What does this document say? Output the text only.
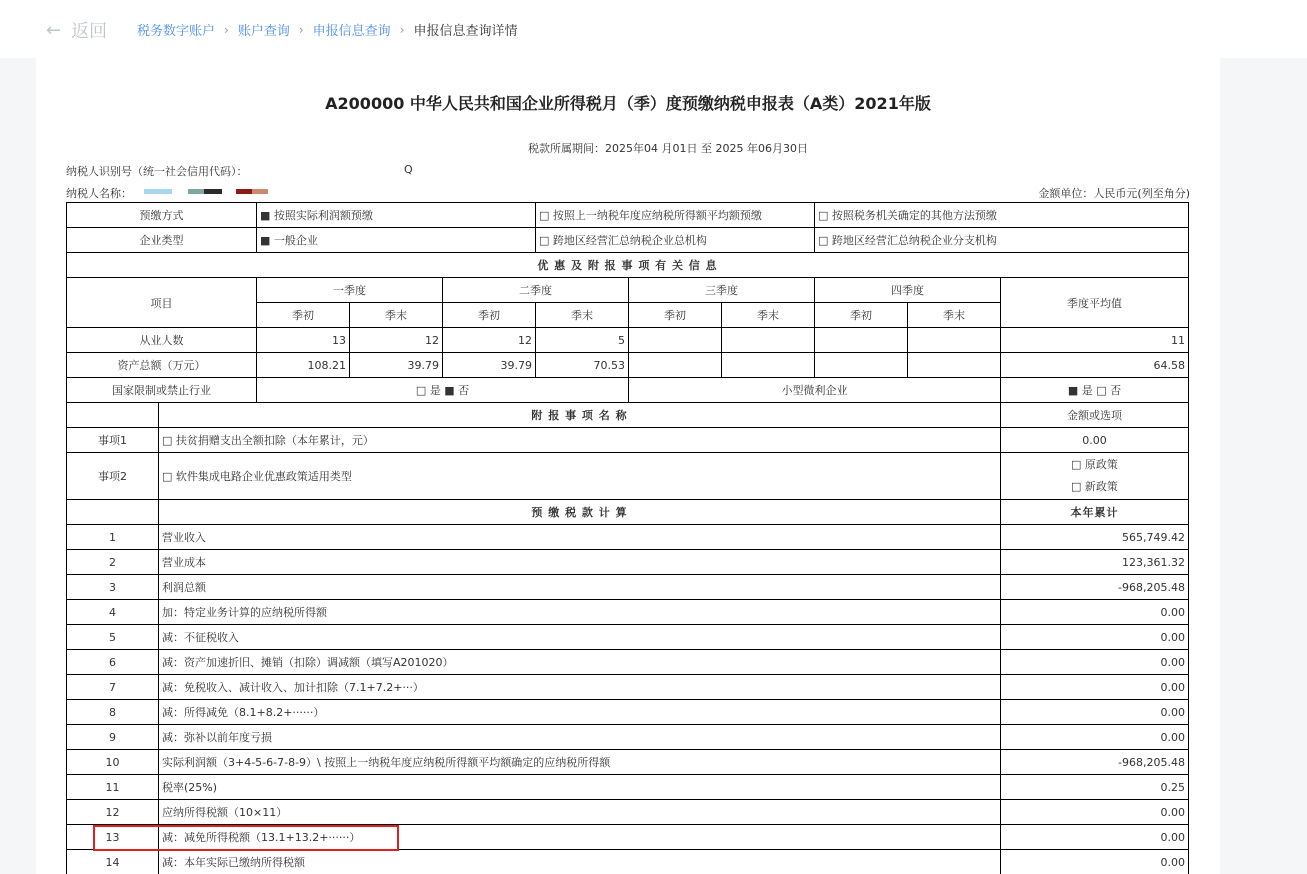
← 返回 税务数字账户 › 账户查询 › 申报信息查询 › 申报信息查询详情
A200000 中华人民共和国企业所得税月（季）度预缴纳税申报表（A类）2021年版
税款所属期间：2025年04 月01日 至 2025 年06月30日
纳税人识别号（统一社会信用代码）：	Q
纳税人名称：	金额单位：人民币元(列至角分)
预缴方式		■ 按照实际利润额预缴			□ 按照上一纳税年度应纳税所得额平均额预缴			□ 按照税务机关确定的其他方法预缴		
企业类型		■ 一般企业			□ 跨地区经营汇总纳税企业总机构			□ 跨地区经营汇总纳税企业分支机构		
优 惠 及 附 报 事 项 有 关 信 息										
项目		一季度		二季度		三季度		四季度		季度平均值
		季初	季末	季初	季末	季初	季末	季初	季末	
从业人数		13	12	12	5					11
资产总额（万元）		108.21	39.79	39.79	70.53					64.58
国家限制或禁止行业		□ 是 ■ 否				小型微利企业				■ 是 □ 否
	附 报 事 项 名 称									金额或选项
事项1	□ 扶贫捐赠支出全额扣除（本年累计，元）									0.00
事项2	□ 软件集成电路企业优惠政策适用类型									□ 原政策
□ 新政策

	预 缴 税 款 计 算									本年累计
1	营业收入									565,749.42
2	营业成本									123,361.32
3	利润总额									-968,205.48
4	加：特定业务计算的应纳税所得额									0.00
5	减：不征税收入									0.00
6	减：资产加速折旧、摊销（扣除）调减额（填写A201020）									0.00
7	减：免税收入、减计收入、加计扣除（7.1+7.2+···）									0.00
8	减：所得减免（8.1+8.2+······）									0.00
9	减：弥补以前年度亏损									0.00
10	实际利润额（3+4-5-6-7-8-9）\ 按照上一纳税年度应纳税所得额平均额确定的应纳税所得额									-968,205.48
11	税率(25%)									0.25
12	应纳所得税额（10×11）									0.00
13	减：减免所得税额（13.1+13.2+······）									0.00
14	减：本年实际已缴纳所得税额									0.00
